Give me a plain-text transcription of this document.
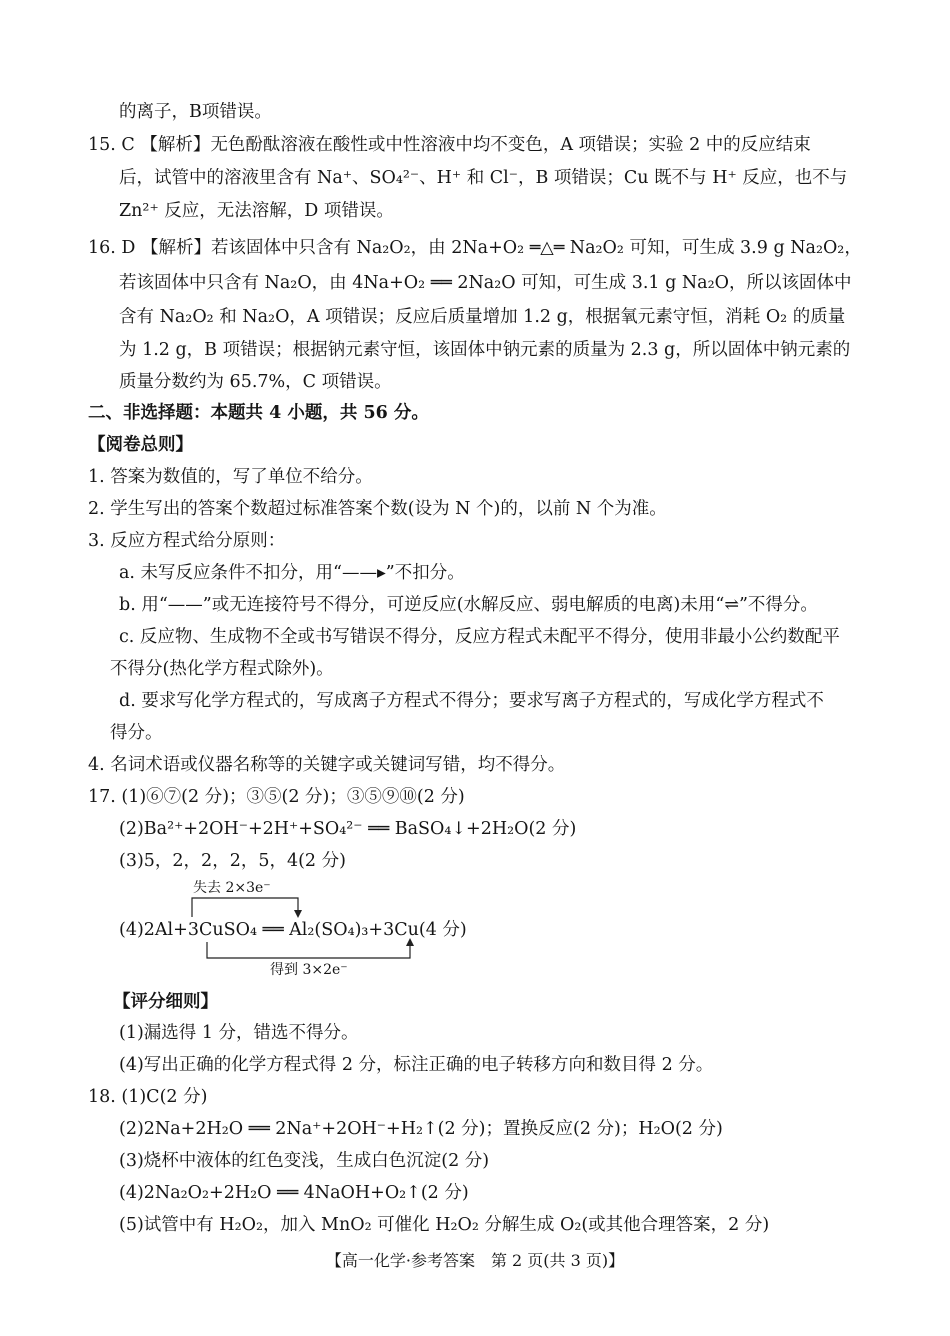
的离子，B项错误。
15. C 【解析】无色酚酞溶液在酸性或中性溶液中均不变色，A 项错误；实验 2 中的反应结束
后，试管中的溶液里含有 Na⁺、SO₄²⁻、H⁺ 和 Cl⁻，B 项错误；Cu 既不与 H⁺ 反应，也不与
Zn²⁺ 反应，无法溶解，D 项错误。
16. D 【解析】若该固体中只含有 Na₂O₂，由 2Na+O₂ ═△═ Na₂O₂ 可知，可生成 3.9 g Na₂O₂，
若该固体中只含有 Na₂O，由 4Na+O₂ ══ 2Na₂O 可知，可生成 3.1 g Na₂O，所以该固体中
含有 Na₂O₂ 和 Na₂O，A 项错误；反应后质量增加 1.2 g，根据氧元素守恒，消耗 O₂ 的质量
为 1.2 g，B 项错误；根据钠元素守恒，该固体中钠元素的质量为 2.3 g，所以固体中钠元素的
质量分数约为 65.7%，C 项错误。
二、非选择题：本题共 4 小题，共 56 分。
【阅卷总则】
1. 答案为数值的，写了单位不给分。
2. 学生写出的答案个数超过标准答案个数(设为 N 个)的，以前 N 个为准。
3. 反应方程式给分原则：
a. 未写反应条件不扣分，用“——▸”不扣分。
b. 用“——”或无连接符号不得分，可逆反应(水解反应、弱电解质的电离)未用“⇌”不得分。
c. 反应物、生成物不全或书写错误不得分，反应方程式未配平不得分，使用非最小公约数配平
不得分(热化学方程式除外)。
d. 要求写化学方程式的，写成离子方程式不得分；要求写离子方程式的，写成化学方程式不
得分。
4. 名词术语或仪器名称等的关键字或关键词写错，均不得分。
17. (1)⑥⑦(2 分)；③⑤(2 分)；③⑤⑨⑩(2 分)
(2)Ba²⁺+2OH⁻+2H⁺+SO₄²⁻ ══ BaSO₄↓+2H₂O(2 分)
(3)5，2，2，2，5，4(2 分)
失去 2×3e⁻
(4)2Al+3CuSO₄ ══ Al₂(SO₄)₃+3Cu(4 分)
得到 3×2e⁻
【评分细则】
(1)漏选得 1 分，错选不得分。
(4)写出正确的化学方程式得 2 分，标注正确的电子转移方向和数目得 2 分。
18. (1)C(2 分)
(2)2Na+2H₂O ══ 2Na⁺+2OH⁻+H₂↑(2 分)；置换反应(2 分)；H₂O(2 分)
(3)烧杯中液体的红色变浅，生成白色沉淀(2 分)
(4)2Na₂O₂+2H₂O ══ 4NaOH+O₂↑(2 分)
(5)试管中有 H₂O₂，加入 MnO₂ 可催化 H₂O₂ 分解生成 O₂(或其他合理答案，2 分)
【高一化学·参考答案　第 2 页(共 3 页)】
